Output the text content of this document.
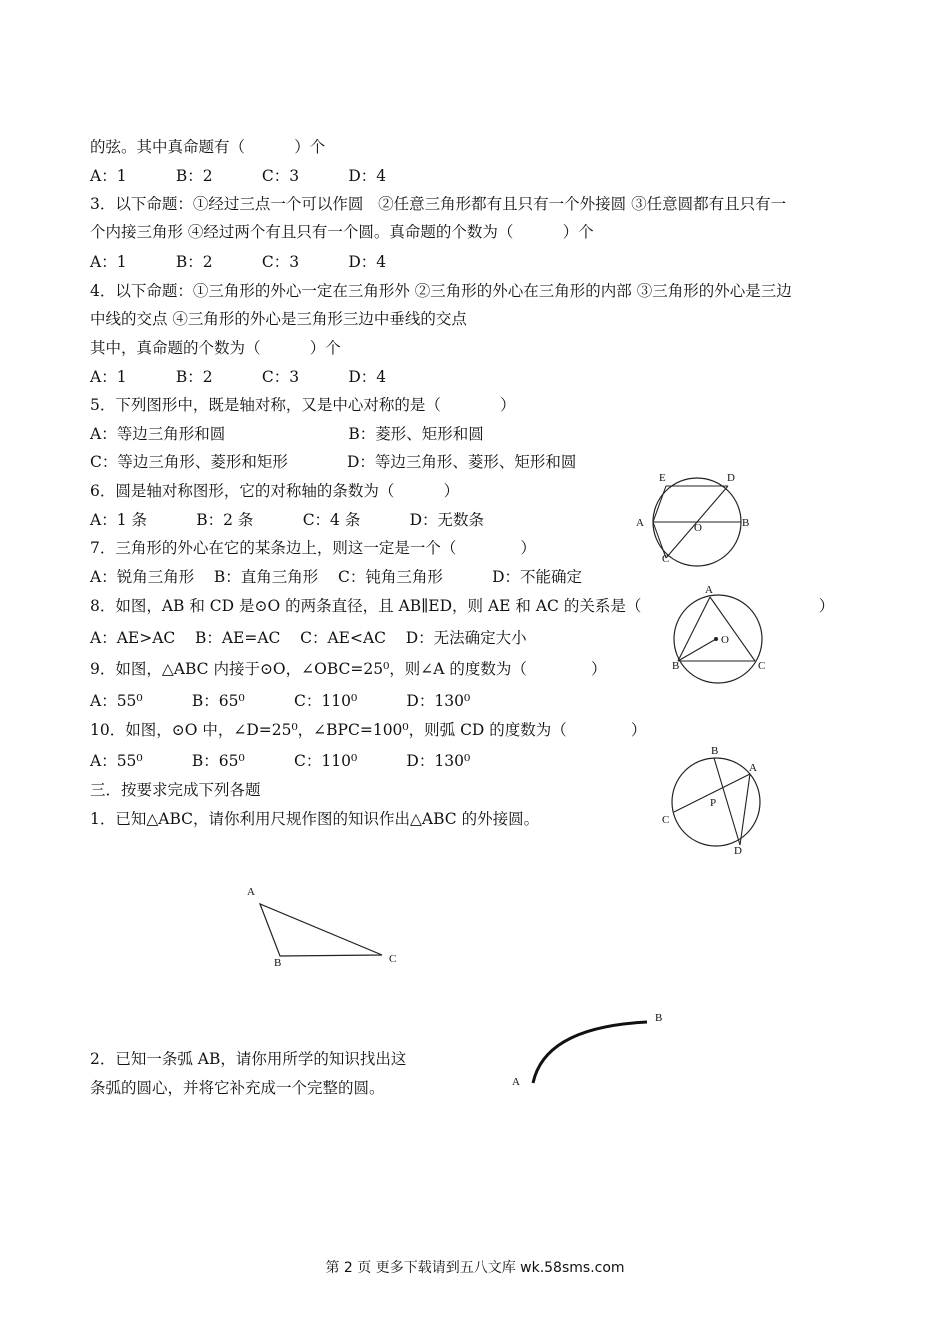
的弦。其中真命题有（          ）个
A：1          B：2          C：3          D：4
3．以下命题：①经过三点一个可以作圆   ②任意三角形都有且只有一个外接圆 ③任意圆都有且只有一
个内接三角形 ④经过两个有且只有一个圆。真命题的个数为（          ）个
A：1          B：2          C：3          D：4
4．以下命题：①三角形的外心一定在三角形外 ②三角形的外心在三角形的内部 ③三角形的外心是三边
中线的交点 ④三角形的外心是三角形三边中垂线的交点
其中，真命题的个数为（          ）个
A：1          B：2          C：3          D：4
5．下列图形中，既是轴对称，又是中心对称的是（            ）
A：等边三角形和圆                         B：菱形、矩形和圆
C：等边三角形、菱形和矩形            D：等边三角形、菱形、矩形和圆
6．圆是轴对称图形，它的对称轴的条数为（          ）
A：1 条          B：2 条          C：4 条          D：无数条
7．三角形的外心在它的某条边上，则这一定是一个（             ）
A：锐角三角形    B：直角三角形    C：钝角三角形          D：不能确定
8．如图，AB 和 CD 是⊙O 的两条直径，且 AB∥ED，则 AE 和 AC 的关系是（                                    ）
A：AE>AC    B：AE=AC    C：AE<AC    D：无法确定大小
9．如图，△ABC 内接于⊙O，∠OBC=25⁰，则∠A 的度数为（             ）
A：55⁰          B：65⁰          C：110⁰          D：130⁰
10．如图，⊙O 中，∠D=25⁰，∠BPC=100⁰，则弧 CD 的度数为（             ）
A：55⁰          B：65⁰          C：110⁰          D：130⁰
三．按要求完成下列各题
1．已知△ABC，请你利用尺规作图的知识作出△ABC 的外接圆。
2．已知一条弧 AB，请你用所学的知识找出这
条弧的圆心，并将它补充成一个完整的圆。
E	D
A	O	B
C
A
O
B	C
B
A
P
C
D
A
B	C
A
B
第 2 页 更多下载请到五八文库 wk.58sms.com
